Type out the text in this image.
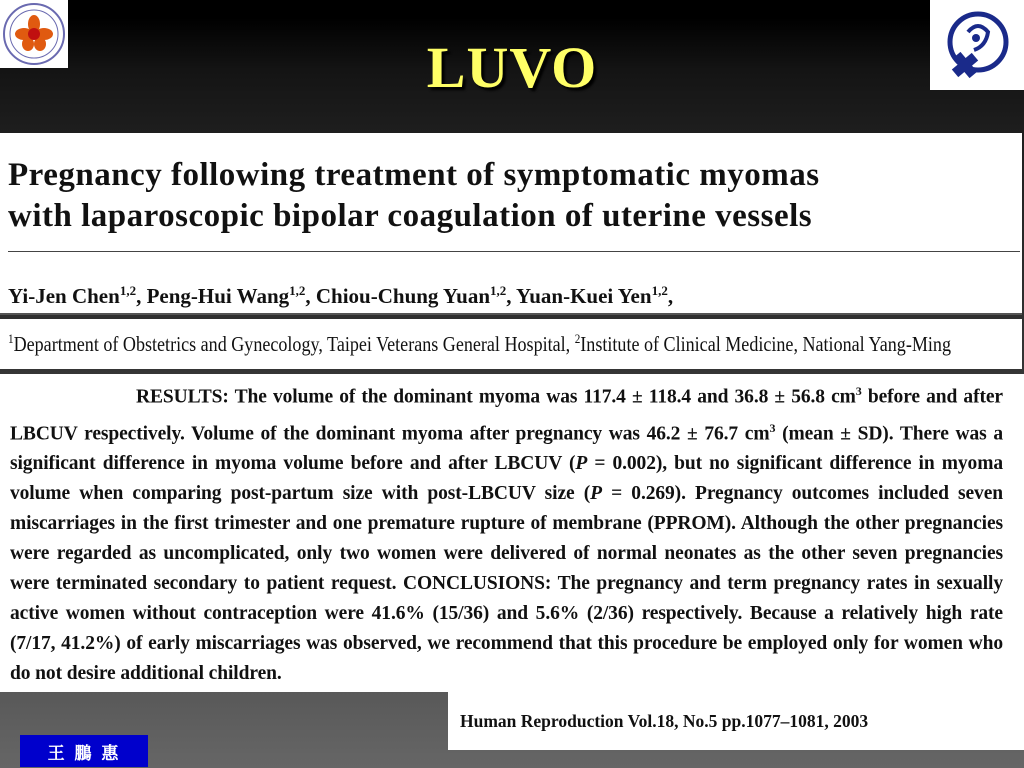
LUVO
Pregnancy following treatment of symptomatic myomas
with laparoscopic bipolar coagulation of uterine vessels
Yi-Jen Chen$^{1,2}$, Peng-Hui Wang$^{1,2}$, Chiou-Chung Yuan$^{1,2}$, Yuan-Kuei Yen$^{1,2}$,
$^1$Department of Obstetrics and Gynecology, Taipei Veterans General Hospital, $^2$Institute of Clinical Medicine, National Yang-Ming
RESULTS: The volume of the dominant myoma was 117.4 ± 118.4 and 36.8 ± 56.8 $cm^3$ before and after LBCUV respectively. Volume of the dominant myoma after pregnancy was 46.2 ± 76.7 $cm^3$ (mean ± SD). There was a significant difference in myoma volume before and after LBCUV (P = 0.002), but no significant difference in myoma volume when comparing post-partum size with post-LBCUV size (P = 0.269). Pregnancy outcomes included seven miscarriages in the first trimester and one premature rupture of membrane (PPROM). Although the other pregnancies were regarded as uncomplicated, only two women were delivered of normal neonates as the other seven pregnancies were terminated secondary to patient request. CONCLUSIONS: The pregnancy and term pregnancy rates in sexually active women without contraception were 41.6% (15/36) and 5.6% (2/36) respectively. Because a relatively high rate (7/17, 41.2%) of early miscarriages was observed, we recommend that this procedure be employed only for women who do not desire additional children.
Human Reproduction Vol.18, No.5 pp.1077–1081, 2003
王 鵬 惠
